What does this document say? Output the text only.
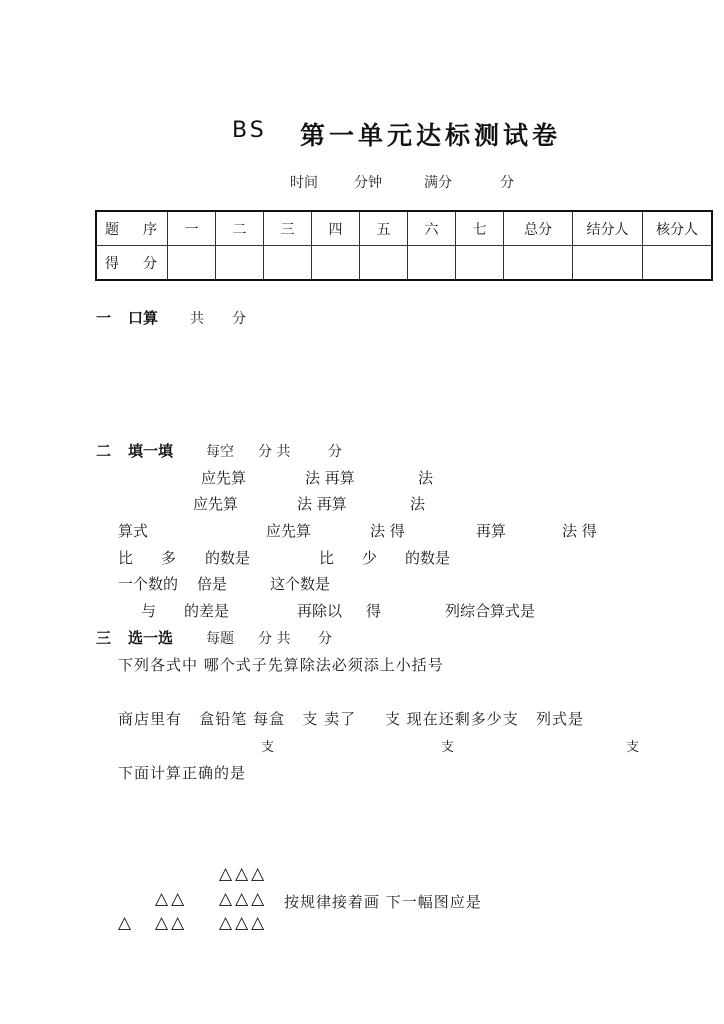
BS 第一单元达标测试卷
时间	分钟	满分	分
题 序	一	二	三	四	五	六	七	总分	结分人	核分人

得 分										

一 口算 共 分
二 填一填 每空 分 共	分
应先算	法 再算	法
应先算	法 再算	法
算式	应先算	法 得	再算	法 得
比 多 的数是	比 少 的数是
一个数的 倍是	这个数是
与 的差是	再除以 得	列综合算式是
三 选一选 每题 分 共 分
下列各式中 哪个式子先算除法必须添上小括号
商店里有   盒铅笔 每盒   支 卖了     支 现在还剩多少支   列式是
支	支	支
下面计算正确的是
△△△
△△ △△△ 按规律接着画 下一幅图应是
△ △△ △△△
